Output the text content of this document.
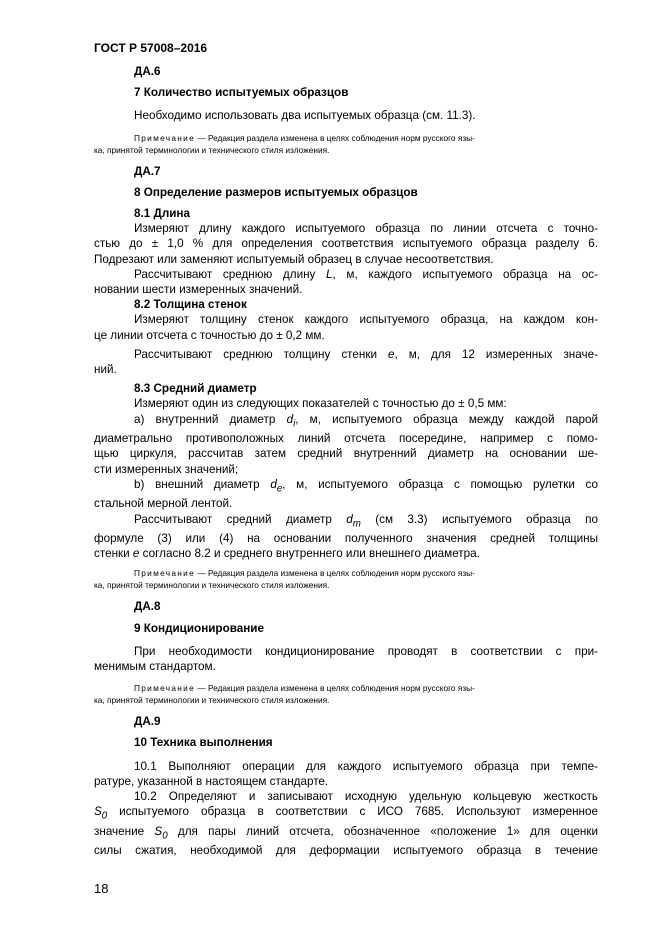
ГОСТ Р 57008–2016
ДА.6
7 Количество испытуемых образцов
Необходимо использовать два испытуемых образца (см. 11.3).
Примечание — Редакция раздела изменена в целях соблюдения норм русского язы-
ка, принятой терминологии и технического стиля изложения.
ДА.7
8 Определение размеров испытуемых образцов
8.1 Длина
Измеряют длину каждого испытуемого образца по линии отсчета с точно-
стью до ± 1,0 % для определения соответствия испытуемого образца разделу 6.
Подрезают или заменяют испытуемый образец в случае несоответствия.
Рассчитывают среднюю длину L, м, каждого испытуемого образца на ос-
новании шести измеренных значений.
8.2 Толщина стенок
Измеряют толщину стенок каждого испытуемого образца, на каждом кон-
це линии отсчета с точностью до ± 0,2 мм.
Рассчитывают среднюю толщину стенки e, м, для 12 измеренных значе-
ний.
8.3 Средний диаметр
Измеряют один из следующих показателей с точностью до ± 0,5 мм:
a) внутренний диаметр $d_i$, м, испытуемого образца между каждой парой
диаметрально противоположных линий отсчета посередине, например с помо-
щью циркуля, рассчитав затем средний внутренний диаметр на основании ше-
сти измеренных значений;
b) внешний диаметр $d_e$, м, испытуемого образца с помощью рулетки со
стальной мерной лентой.
Рассчитывают средний диаметр $d_m$ (см 3.3) испытуемого образца по
формуле (3) или (4) на основании полученного значения средней толщины
стенки e согласно 8.2 и среднего внутреннего или внешнего диаметра.
Примечание — Редакция раздела изменена в целях соблюдения норм русского язы-
ка, принятой терминологии и технического стиля изложения.
ДА.8
9 Кондиционирование
При необходимости кондиционирование проводят в соответствии с при-
менимым стандартом.
Примечание — Редакция раздела изменена в целях соблюдения норм русского язы-
ка, принятой терминологии и технического стиля изложения.
ДА.9
10 Техника выполнения
10.1 Выполняют операции для каждого испытуемого образца при темпе-
ратуре, указанной в настоящем стандарте.
10.2 Определяют и записывают исходную удельную кольцевую жесткость
$S_0$ испытуемого образца в соответствии с ИСО 7685. Используют измеренное
значение $S_0$ для пары линий отсчета, обозначенное «положение 1» для оценки
силы сжатия, необходимой для деформации испытуемого образца в течение
18
